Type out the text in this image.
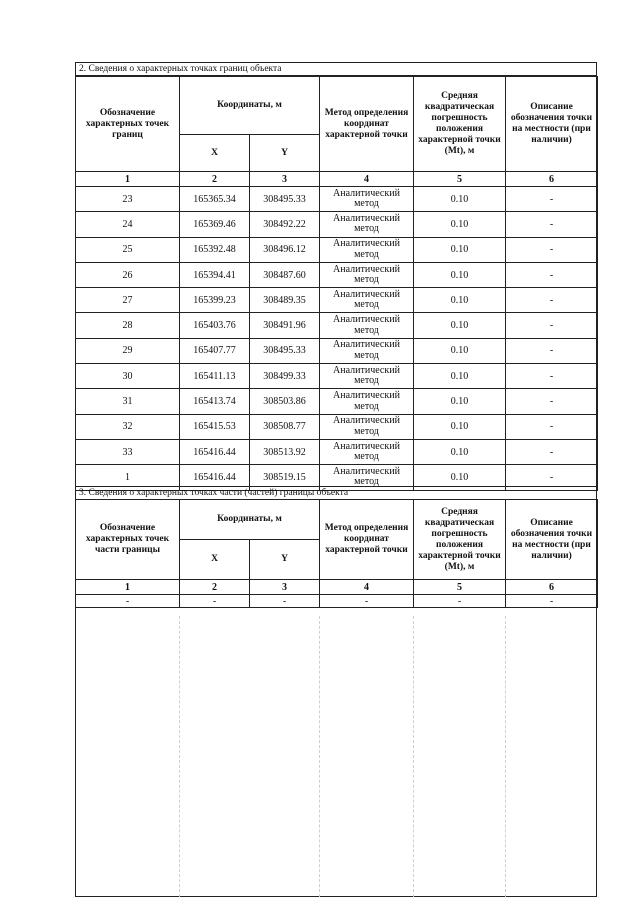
2. Сведения о характерных точках границ объекта
Обозначение характерных точек границ	Координаты, м		Метод определения координат характерной точки	Средняя квадратическая погрешность положения характерной точки (Mt), м	Описание обозначения точки на местности (при наличии)
	X	Y			
1	2	3	4	5	6
23	165365.34	308495.33	Аналитический метод	0.10	-
24	165369.46	308492.22	Аналитический метод	0.10	-
25	165392.48	308496.12	Аналитический метод	0.10	-
26	165394.41	308487.60	Аналитический метод	0.10	-
27	165399.23	308489.35	Аналитический метод	0.10	-
28	165403.76	308491.96	Аналитический метод	0.10	-
29	165407.77	308495.33	Аналитический метод	0.10	-
30	165411.13	308499.33	Аналитический метод	0.10	-
31	165413.74	308503.86	Аналитический метод	0.10	-
32	165415.53	308508.77	Аналитический метод	0.10	-
33	165416.44	308513.92	Аналитический метод	0.10	-
1	165416.44	308519.15	Аналитический метод	0.10	-
3. Сведения о характерных точках части (частей) границы объекта
Обозначение характерных точек части границы	Координаты, м		Метод определения координат характерной точки	Средняя квадратическая погрешность положения характерной точки (Mt), м	Описание обозначения точки на местности (при наличии)
	X	Y			
1	2	3	4	5	6
-	-	-	-	-	-
